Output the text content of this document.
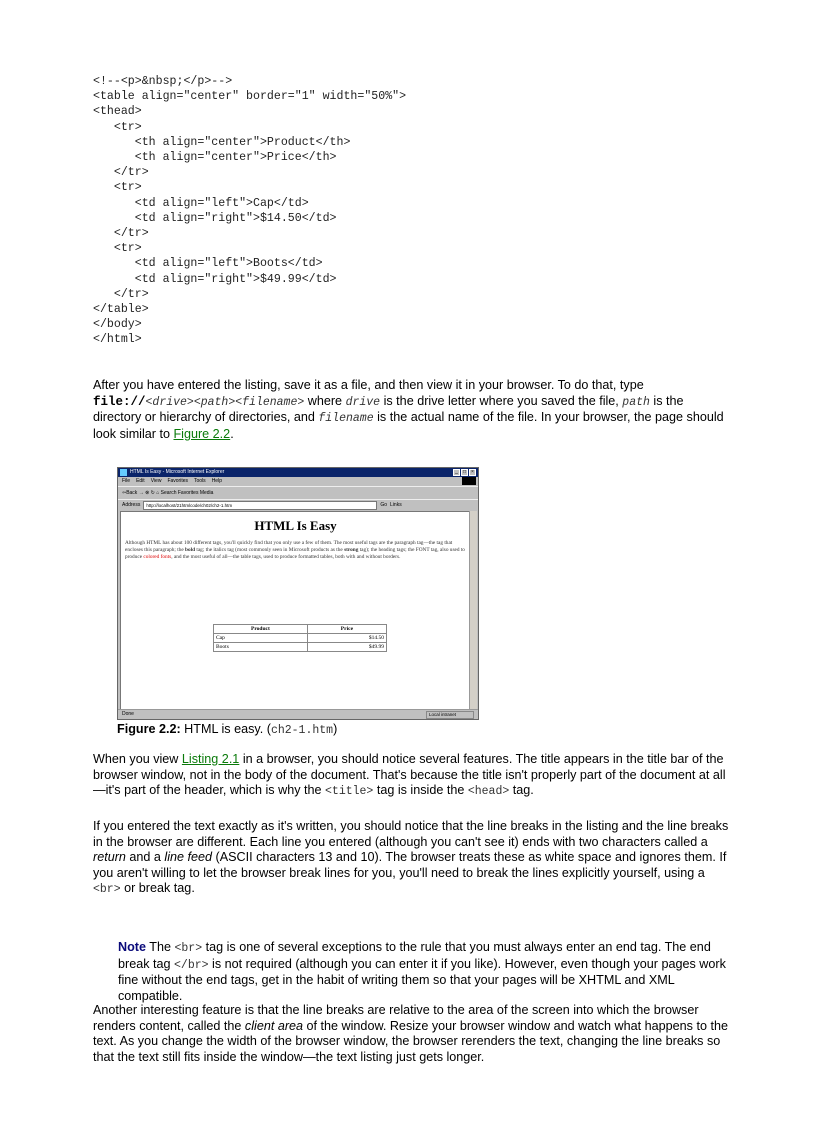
<!--<p>&nbsp;</p>-->
<table align="center" border="1" width="50%">
<thead>
<tr>
<th align="center">Product</th>
<th align="center">Price</th>
</tr>
<tr>
<td align="left">Cap</td>
<td align="right">$14.50</td>
</tr>
<tr>
<td align="left">Boots</td>
<td align="right">$49.99</td>
</tr>
</table>
</body>
</html>

After you have entered the listing, save it as a file, and then view it in your browser. To do that, type file://<drive><path><filename> where drive is the drive letter where you saved the file, path is the directory or hierarchy of directories, and filename is the actual name of the file. In your browser, the page should look similar to Figure 2.2.

HTML Is Easy - Microsoft Internet Explorer	_	□	×
File Edit View Favorites Tools Help
⇦Back → ⊗ ↻ ⌂ Search Favorites Media
Address	http://localhost/21htmlcode/ch02/ch2-1.htm	Go Links
HTML Is Easy
Although HTML has about 100 different tags, you'll quickly find that you only use a few of them. The most useful tags are the paragraph tag—the tag that encloses this paragraph; the bold tag; the italics tag (most commonly seen in Microsoft products as the strong tag); the heading tags; the FONT tag, also used to produce colored fonts, and the most useful of all—the table tags, used to produce formatted tables, both with and without borders.
Product	Price
Cap	$14.50
Boots	$49.99
Done	Local intranet
Figure 2.2: HTML is easy. (ch2-1.htm)

When you view Listing 2.1 in a browser, you should notice several features. The title appears in the title bar of the browser window, not in the body of the document. That's because the title isn't properly part of the document at all—it's part of the header, which is why the <title> tag is inside the <head> tag.

If you entered the text exactly as it's written, you should notice that the line breaks in the listing and the line breaks in the browser are different. Each line you entered (although you can't see it) ends with two characters called a return and a line feed (ASCII characters 13 and 10). The browser treats these as white space and ignores them. If you aren't willing to let the browser break lines for you, you'll need to break the lines explicitly yourself, using a <br> or break tag.

Note The <br> tag is one of several exceptions to the rule that you must always enter an end tag. The end break tag </br> is not required (although you can enter it if you like). However, even though your pages work fine without the end tags, get in the habit of writing them so that your pages will be XHTML and XML compatible.

Another interesting feature is that the line breaks are relative to the area of the screen into which the browser renders content, called the client area of the window. Resize your browser window and watch what happens to the text. As you change the width of the browser window, the browser rerenders the text, changing the line breaks so that the text still fits inside the window—the text listing just gets longer.
